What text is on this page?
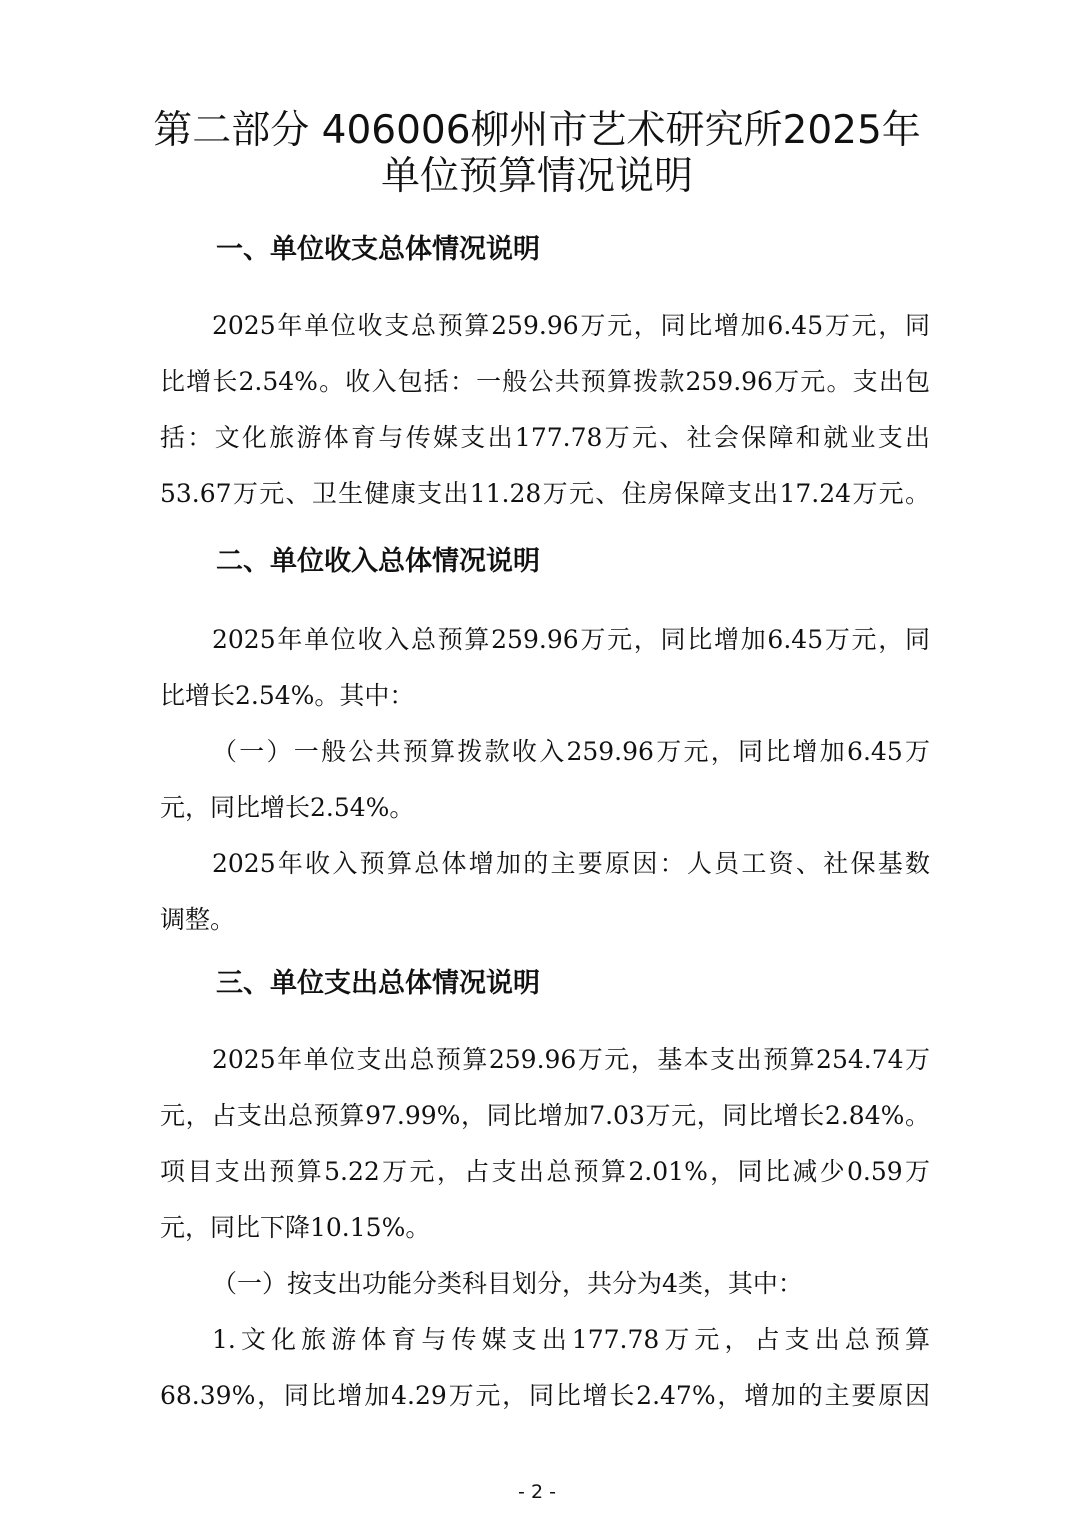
第二部分 406006柳州市艺术研究所2025年
单位预算情况说明
一、单位收支总体情况说明
2025年单位收支总预算259.96万元，同比增加6.45万元，同
比增长2.54%。收入包括：一般公共预算拨款259.96万元。支出包
括：文化旅游体育与传媒支出177.78万元、社会保障和就业支出
53.67万元、卫生健康支出11.28万元、住房保障支出17.24万元。
二、单位收入总体情况说明
2025年单位收入总预算259.96万元，同比增加6.45万元，同
比增长2.54%。其中：
（一）一般公共预算拨款收入259.96万元，同比增加6.45万
元，同比增长2.54%。
2025年收入预算总体增加的主要原因：人员工资、社保基数
调整。
三、单位支出总体情况说明
2025年单位支出总预算259.96万元，基本支出预算254.74万
元，占支出总预算97.99%，同比增加7.03万元，同比增长2.84%。
项目支出预算5.22万元，占支出总预算2.01%，同比减少0.59万
元，同比下降10.15%。
（一）按支出功能分类科目划分，共分为4类，其中：
1.文化旅游体育与传媒支出177.78万元，占支出总预算
68.39%，同比增加4.29万元，同比增长2.47%，增加的主要原因
- 2 -
